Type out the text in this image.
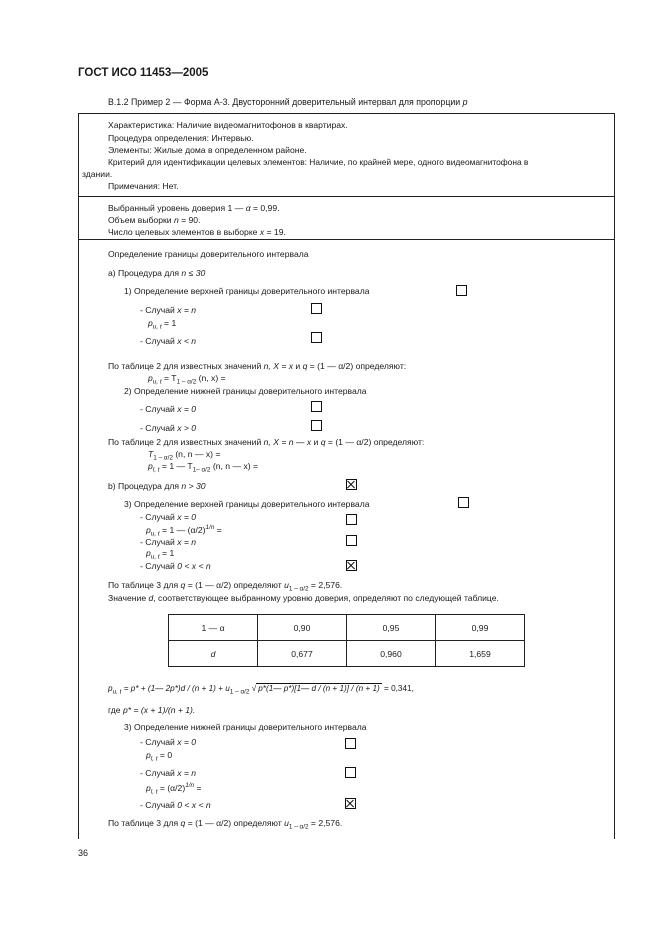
ГОСТ ИСО 11453—2005
В.1.2 Пример 2 — Форма А-3. Двусторонний доверительный интервал для пропорции p
Характеристика: Наличие видеомагнитофонов в квартирах.
Процедура определения: Интервью.
Элементы: Жилые дома в определенном районе.
Критерий для идентификации целевых элементов: Наличие, по крайней мере, одного видеомагнитофона в
здании.
Примечания: Нет.
Выбранный уровень доверия 1 — α = 0,99.
Объем выборки n = 90.
Число целевых элементов в выборке x = 19.
Определение границы доверительного интервала
а) Процедура для n ≤ 30
1) Определение верхней границы доверительного интервала
- Случай x = n
$p_{u, t} = 1$
- Случай x < n
По таблице 2 для известных значений n, X = x и q = (1 — α/2) определяют:
$p_{u, t} = T_{1 - \alpha/2}$ (n, x) =
2) Определение нижней границы доверительного интервала
- Случай x = 0
- Случай x > 0
По таблице 2 для известных значений n, X = n — x и q = (1 — α/2) определяют:
$T_{1 - \alpha/2}$ (n, n — x) =
$p_{l, t} = 1$ — $T_{1- \alpha/2}$ (n, n — x) =
b) Процедура для n > 30
3) Определение верхней границы доверительного интервала
- Случай x = 0
$p_{u, t} = 1$ — $(\alpha/2)^{1/n}$ =
- Случай x = n
$p_{u, t} = 1$
- Случай 0 < x < n
По таблице 3 для q = (1 — α/2) определяют $u_{1 - \alpha/2} = 2,576$.
Значение d, соответствующее выбранному уровню доверия, определяют по следующей таблице.
1 — α	0,90	0,95	0,99
d	0,677	0,960	1,659
$p_{u, t} = p*$ + (1— $2p*)d / (n + 1) + u_{1 - \alpha/2}$ √ p*(1— p*)[1— d / (n + 1)] / (n + 1) = 0,341,
где p* = (x + 1)/(n + 1).
3) Определение нижней границы доверительного интервала
- Случай x = 0
$p_{l, t} = 0$
- Случай x = n
$p_{l, t} = (\alpha/2)^{1/n}$ =
- Случай 0 < x < n
По таблице 3 для q = (1 — α/2) определяют $u_{1 - \alpha/2} = 2,576$.
36
